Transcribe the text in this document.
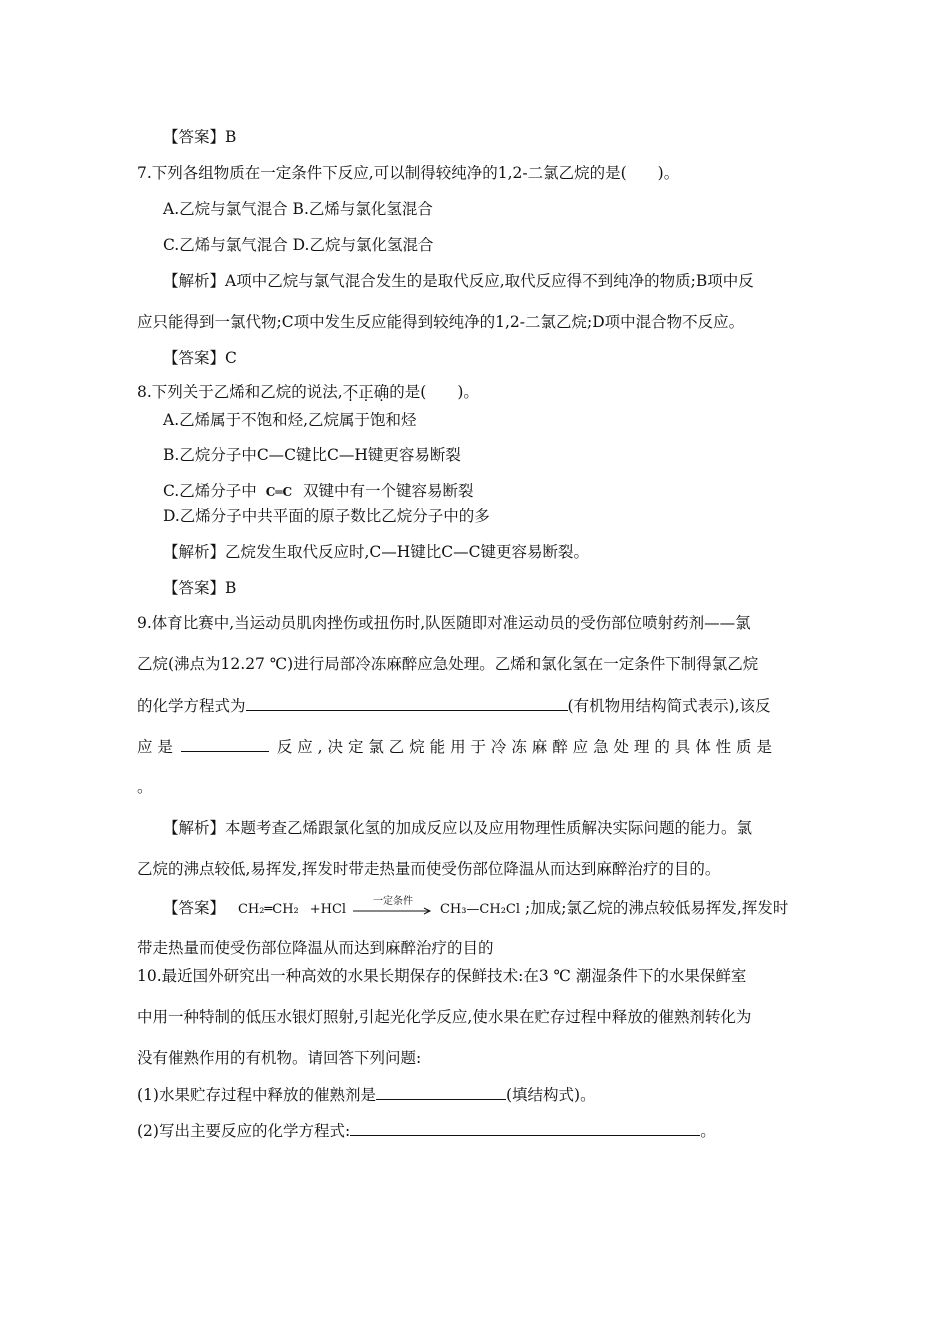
【答案】B
7.下列各组物质在一定条件下反应,可以制得较纯净的1,2-二氯乙烷的是(　　)。
A.乙烷与氯气混合 B.乙烯与氯化氢混合
C.乙烯与氯气混合 D.乙烷与氯化氢混合
【解析】A项中乙烷与氯气混合发生的是取代反应,取代反应得不到纯净的物质;B项中反
应只能得到一氯代物;C项中发生反应能得到较纯净的1,2-二氯乙烷;D项中混合物不反应。
【答案】C
8.下列关于乙烯和乙烷的说法,不正确的是(　　)。
A.乙烯属于不饱和烃,乙烷属于饱和烃
B.乙烷分子中C—C键比C—H键更容易断裂
C.乙烯分子中 C═C 双键中有一个键容易断裂
D.乙烯分子中共平面的原子数比乙烷分子中的多
【解析】乙烷发生取代反应时,C—H键比C—C键更容易断裂。
【答案】B
9.体育比赛中,当运动员肌肉挫伤或扭伤时,队医随即对准运动员的受伤部位喷射药剂——氯
乙烷(沸点为12.27 ℃)进行局部冷冻麻醉应急处理。乙烯和氯化氢在一定条件下制得氯乙烷
的化学方程式为	(有机物用结构简式表示),该反
应 是	反 应 , 决 定 氯 乙 烷 能 用 于 冷 冻 麻 醉 应 急 处 理 的 具 体 性 质 是
。
【解析】本题考查乙烯跟氯化氢的加成反应以及应用物理性质解决实际问题的能力。氯
乙烷的沸点较低,易挥发,挥发时带走热量而使受伤部位降温从而达到麻醉治疗的目的。
【答案】 CH₂═CH₂ +HCl
一定条件
CH₃—CH₂Cl ;加成;氯乙烷的沸点较低易挥发,挥发时
带走热量而使受伤部位降温从而达到麻醉治疗的目的
10.最近国外研究出一种高效的水果长期保存的保鲜技术:在3 ℃ 潮湿条件下的水果保鲜室
中用一种特制的低压水银灯照射,引起光化学反应,使水果在贮存过程中释放的催熟剂转化为
没有催熟作用的有机物。请回答下列问题:
(1)水果贮存过程中释放的催熟剂是	(填结构式)。
(2)写出主要反应的化学方程式:	。
